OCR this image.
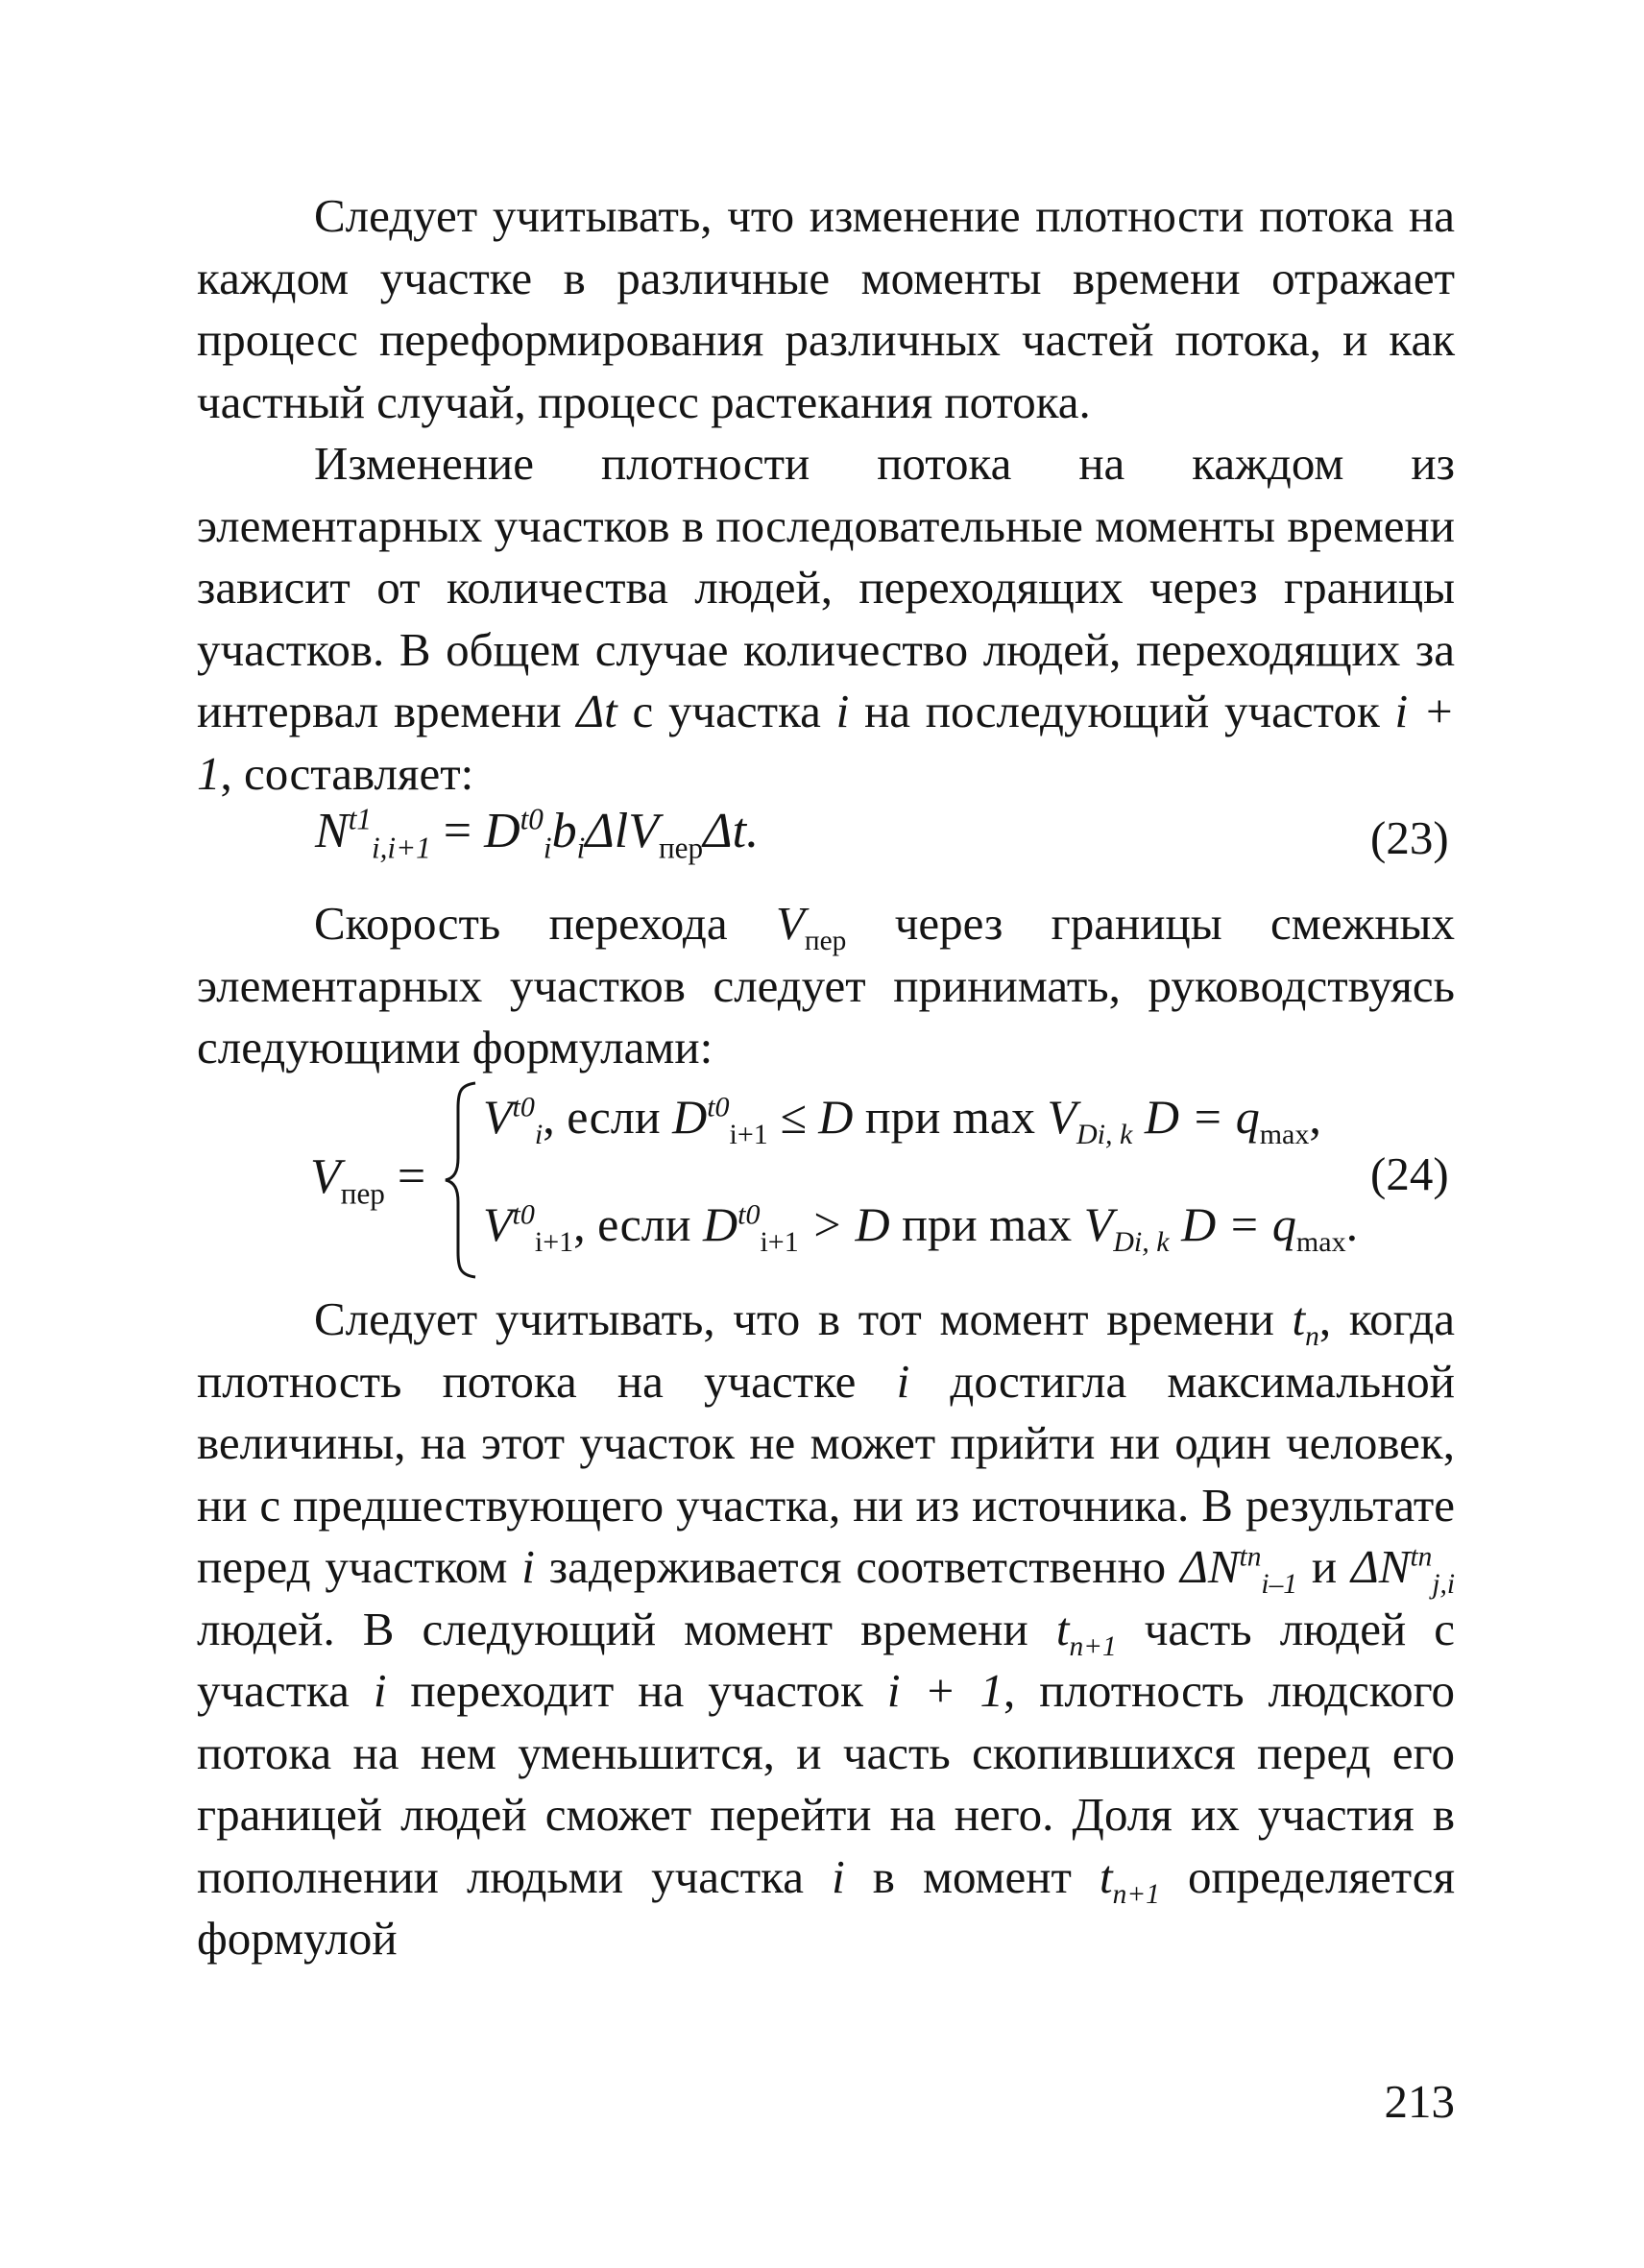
Следует учитывать, что изменение плотности потока на каждом участке в различные моменты времени отражает процесс переформирования различных частей потока, и как частный случай, процесс растекания потока.

Изменение плотности потока на каждом из элементарных участков в последовательные моменты времени зависит от количества людей, переходящих через границы участков. В общем случае количество людей, переходящих за интервал времени Δt с участка i на последующий участок i + 1, составляет:

$N^{t1}_{i,i+1} = D^{t0}_ib_i\Delta lV_{пер}\Delta t$.	(23)

Скорость перехода $V_{пер}$ через границы смежных элементарных участков следует принимать, руководствуясь следующими формулами:

$V_{пер}$ =
$V^{t0}_i$, если $D^{t0}_{i+1} \le D$ при $\max V_{Di, k}$ $D = q_{max}$,
$V^{t0}_{i+1}$, если $D^{t0}_{i+1} > D$ при $\max V_{Di, k}$ $D = q_{max}$.
(24)

Следует учитывать, что в тот момент времени $t_n$, когда плотность потока на участке i достигла максимальной величины, на этот участок не может прийти ни один человек, ни с предшествующего участка, ни из источника. В результате перед участком i задерживается соответственно $\Delta N^{tn}_{i-1}$ и $\Delta N^{tn}_{j,i}$ людей. В следующий момент времени $t_{n+1}$ часть людей с участка i переходит на участок i + 1, плотность людского потока на нем уменьшится, и часть скопившихся перед его границей людей сможет перейти на него. Доля их участия в пополнении людьми участка i в момент $t_{n+1}$ определяется формулой

213
